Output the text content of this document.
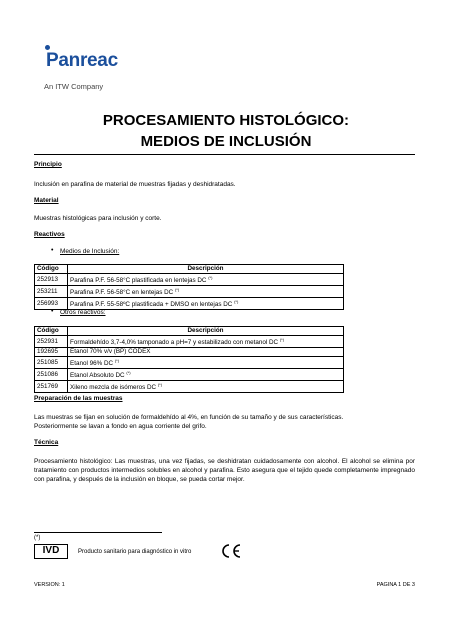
Panreac
An ITW Company
PROCESAMIENTO HISTOLÓGICO:
MEDIOS DE INCLUSIÓN
Principio
Inclusión en parafina de material de muestras fijadas y deshidratadas.
Material
Muestras histológicas para inclusión y corte.
Reactivos
• Medios de Inclusión:
Código	Descripción
252913	Parafina P.F. 56-58°C plastificada en lentejas DC (*)
253211	Parafina P.F. 56-58°C en lentejas DC (*)
256993	Parafina P.F. 55-58ºC plastificada + DMSO en lentejas DC (*)
• Otros reactivos:
Código	Descripción
252931	Formaldehído 3,7-4,0% tamponado a pH=7 y estabilizado con metanol DC (*)
192695	Etanol 70% v/v (BP) CODEX
251085	Etanol 96% DC (*)
251086	Etanol Absoluto DC (*)
251769	Xileno mezcla de isómeros DC (*)
Preparación de las muestras
Las muestras se fijan en solución de formaldehído al 4%, en función de su tamaño y de sus características.
Posteriormente se lavan a fondo en agua corriente del grifo.
Técnica
Procesamiento histológico: Las muestras, una vez fijadas, se deshidratan cuidadosamente con alcohol. El alcohol se elimina por tratamiento con productos intermedios solubles en alcohol y parafina. Esto asegura que el tejido quede completamente impregnado con parafina, y después de la inclusión en bloque, se pueda cortar mejor.
(*)
IVD	Producto sanitario para diagnóstico in vitro
VERSION: 1	PAGINA 1 DE 3
